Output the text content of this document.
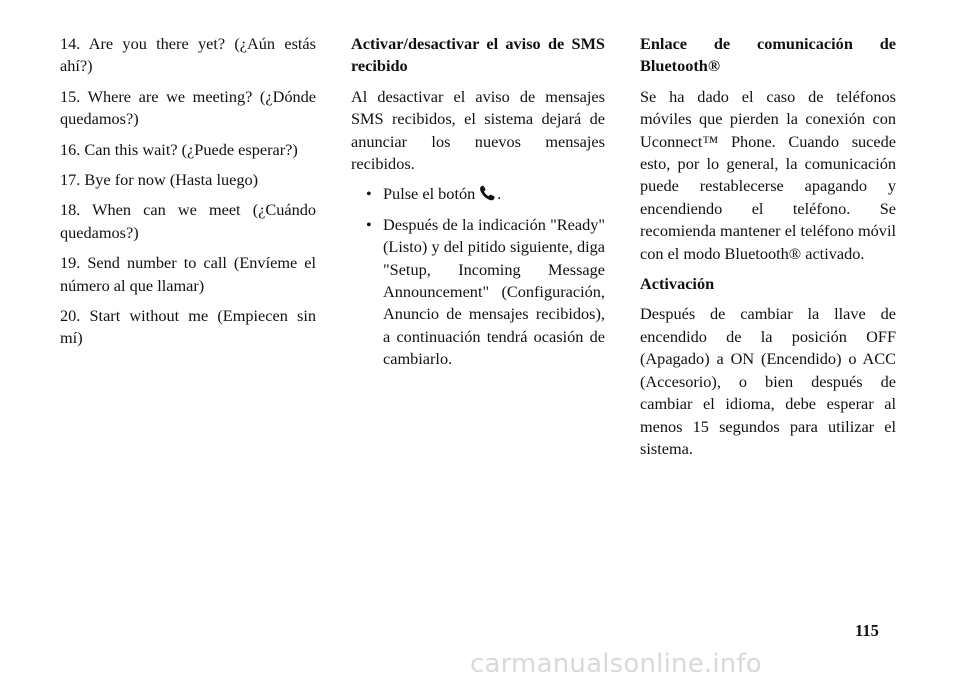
14. Are you there yet? (¿Aún estás ahí?)

15. Where are we meeting? (¿Dónde quedamos?)

16. Can this wait? (¿Puede esperar?)

17. Bye for now (Hasta luego)

18. When can we meet (¿Cuándo quedamos?)

19. Send number to call (Envíeme el número al que llamar)

20. Start without me (Empiecen sin mí)

Activar/desactivar el aviso de SMS recibido

Al desactivar el aviso de mensajes SMS recibidos, el sistema dejará de anunciar los nuevos mensajes recibidos.

• Pulse el botón .
• Después de la indicación "Ready" (Listo) y del pitido siguiente, diga "Setup, Incoming Message Announcement" (Configuración, Anuncio de mensajes recibidos), a continuación tendrá ocasión de cambiarlo.

Enlace de comunicación de Bluetooth®

Se ha dado el caso de teléfonos móviles que pierden la conexión con Uconnect™ Phone. Cuando sucede esto, por lo general, la comunicación puede restablecerse apagando y encendiendo el teléfono. Se recomienda mantener el teléfono móvil con el modo Bluetooth® activado.

Activación

Después de cambiar la llave de encendido de la posición OFF (Apagado) a ON (Encendido) o ACC (Accesorio), o bien después de cambiar el idioma, debe esperar al menos 15 segundos para utilizar el sistema.

115
carmanualsonline.info
